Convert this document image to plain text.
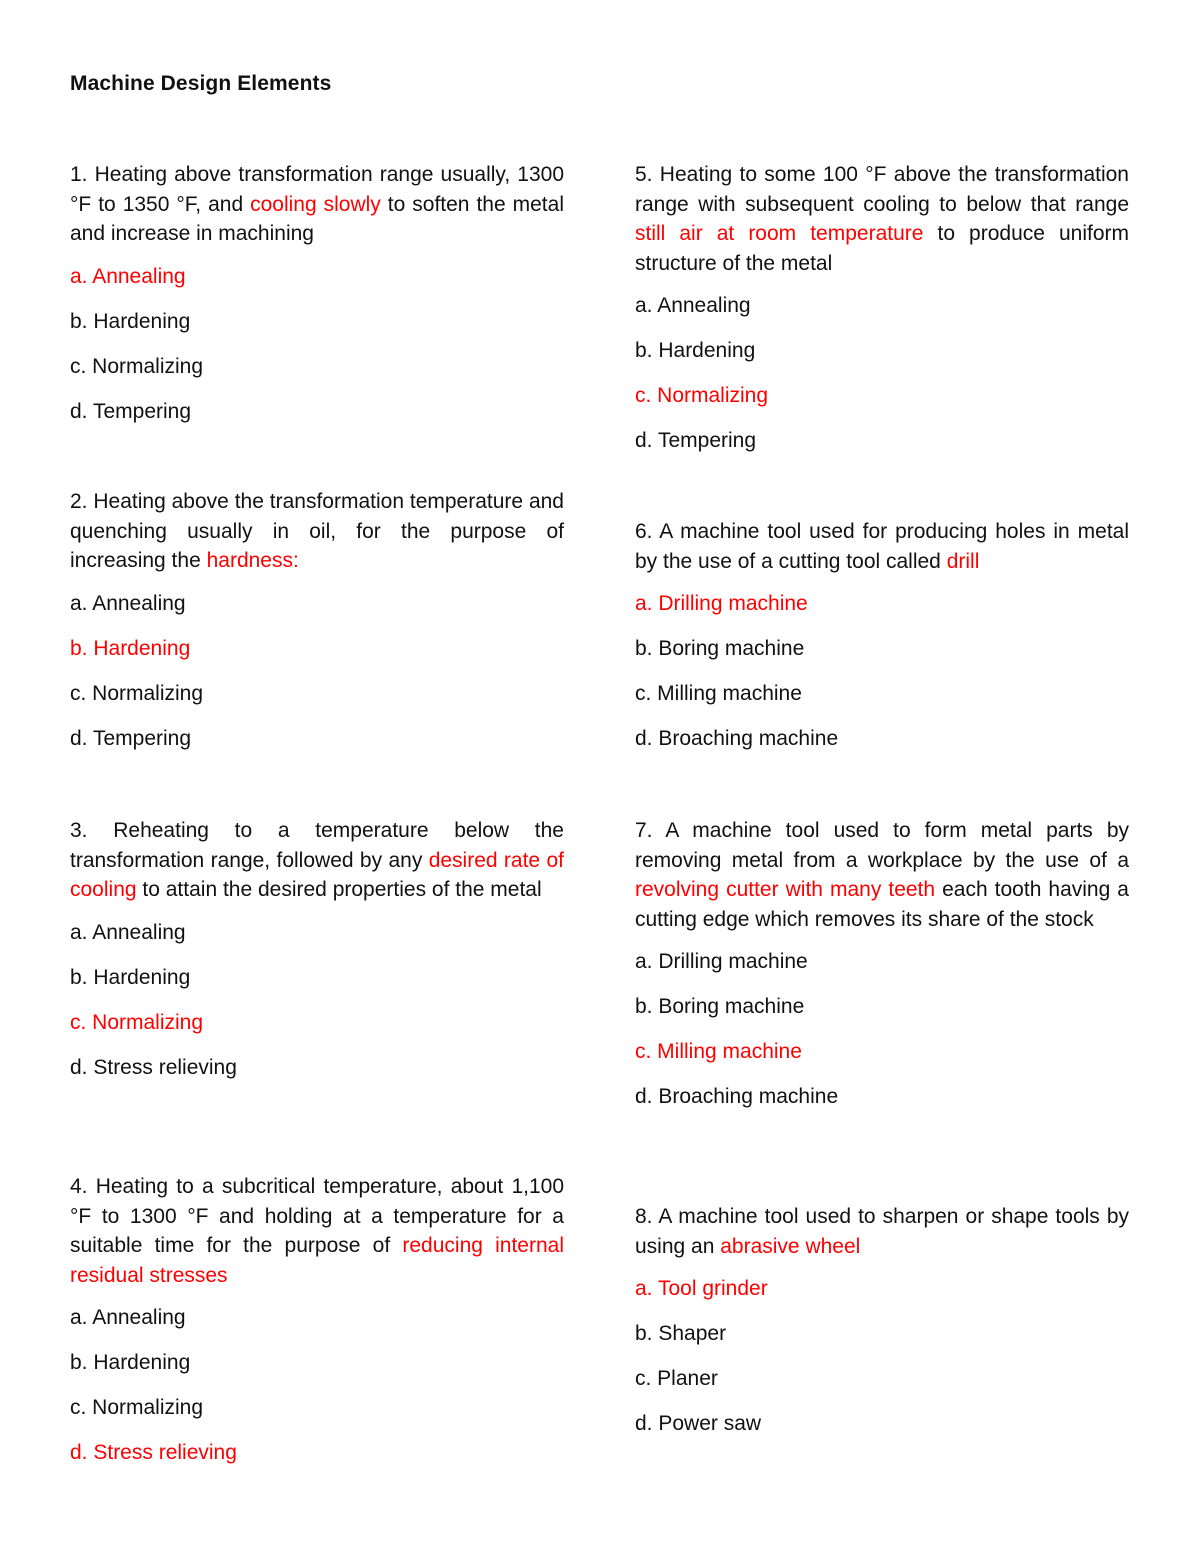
Machine Design Elements

1. Heating above transformation range usually, 1300 °F to 1350 °F, and cooling slowly to soften the metal and increase in machining

a. Annealing
b. Hardening
c. Normalizing
d. Tempering

2. Heating above the transformation temperature and quenching usually in oil, for the purpose of increasing the hardness:

a. Annealing
b. Hardening
c. Normalizing
d. Tempering

3. Reheating to a temperature below the transformation range, followed by any desired rate of cooling to attain the desired properties of the metal

a. Annealing
b. Hardening
c. Normalizing
d. Stress relieving

4. Heating to a subcritical temperature, about 1,100 °F to 1300 °F and holding at a temperature for a suitable time for the purpose of reducing internal residual stresses

a. Annealing
b. Hardening
c. Normalizing
d. Stress relieving

5. Heating to some 100 °F above the transformation range with subsequent cooling to below that range still air at room temperature to produce uniform structure of the metal

a. Annealing
b. Hardening
c. Normalizing
d. Tempering

6. A machine tool used for producing holes in metal by the use of a cutting tool called drill

a. Drilling machine
b. Boring machine
c. Milling machine
d. Broaching machine

7. A machine tool used to form metal parts by removing metal from a workplace by the use of a revolving cutter with many teeth each tooth having a cutting edge which removes its share of the stock

a. Drilling machine
b. Boring machine
c. Milling machine
d. Broaching machine

8. A machine tool used to sharpen or shape tools by using an abrasive wheel

a. Tool grinder
b. Shaper
c. Planer
d. Power saw
